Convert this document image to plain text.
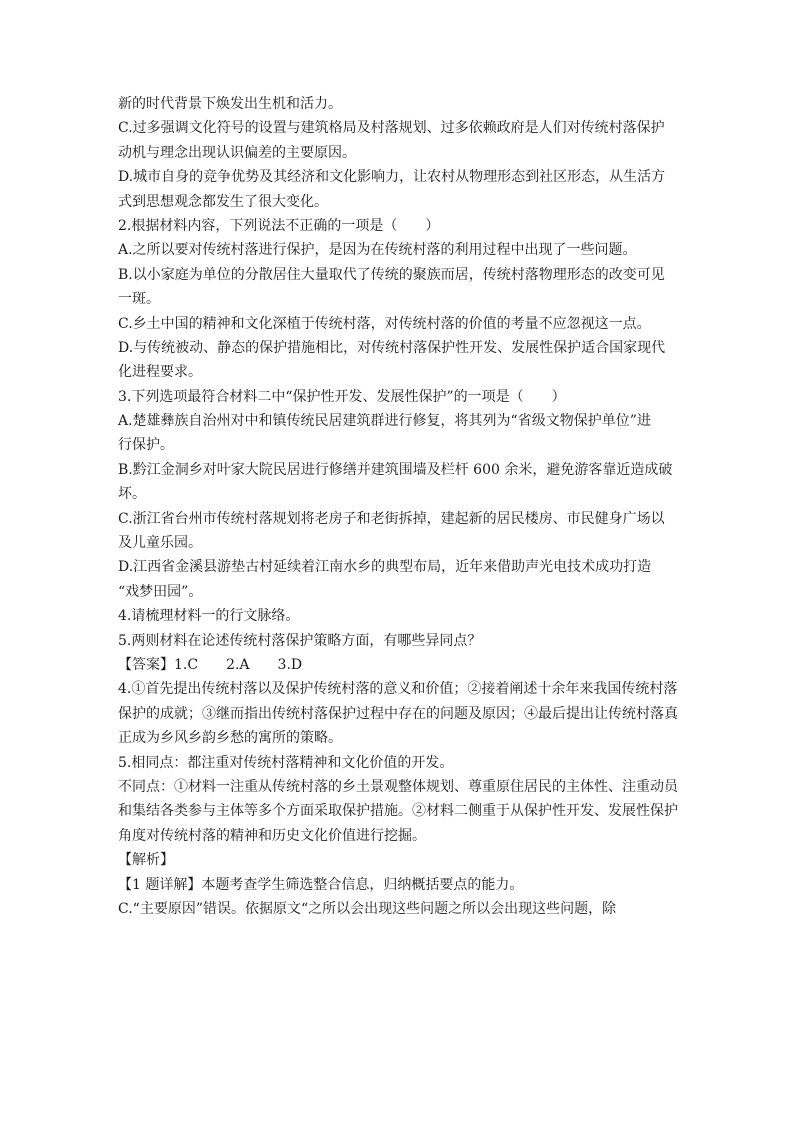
新的时代背景下焕发出生机和活力。
C.过多强调文化符号的设置与建筑格局及村落规划、过多依赖政府是人们对传统村落保护
动机与理念出现认识偏差的主要原因。
D.城市自身的竞争优势及其经济和文化影响力，让农村从物理形态到社区形态，从生活方
式到思想观念都发生了很大变化。
2.根据材料内容，下列说法不正确的一项是（　　）
A.之所以要对传统村落进行保护，是因为在传统村落的利用过程中出现了一些问题。
B.以小家庭为单位的分散居住大量取代了传统的聚族而居，传统村落物理形态的改变可见
一斑。
C.乡土中国的精神和文化深植于传统村落，对传统村落的价值的考量不应忽视这一点。
D.与传统被动、静态的保护措施相比，对传统村落保护性开发、发展性保护适合国家现代
化进程要求。
3.下列选项最符合材料二中“保护性开发、发展性保护”的一项是（　　）
A.楚雄彝族自治州对中和镇传统民居建筑群进行修复，将其列为“省级文物保护单位”进
行保护。
B.黔江金洞乡对叶家大院民居进行修缮并建筑围墙及栏杆 600 余米，避免游客靠近造成破
坏。
C.浙江省台州市传统村落规划将老房子和老街拆掉，建起新的居民楼房、市民健身广场以
及儿童乐园。
D.江西省金溪县游垫古村延续着江南水乡的典型布局，近年来借助声光电技术成功打造
“戏梦田园”。
4.请梳理材料一的行文脉络。
5.两则材料在论述传统村落保护策略方面，有哪些异同点？
【答案】1.C　　2.A　　3.D
4.①首先提出传统村落以及保护传统村落的意义和价值；②接着阐述十余年来我国传统村落
保护的成就；③继而指出传统村落保护过程中存在的问题及原因；④最后提出让传统村落真
正成为乡风乡韵乡愁的寓所的策略。
5.相同点：都注重对传统村落精神和文化价值的开发。
不同点：①材料一注重从传统村落的乡土景观整体规划、尊重原住居民的主体性、注重动员
和集结各类参与主体等多个方面采取保护措施。②材料二侧重于从保护性开发、发展性保护
角度对传统村落的精神和历史文化价值进行挖掘。
【解析】
【1 题详解】本题考查学生筛选整合信息，归纳概括要点的能力。
C.“主要原因”错误。依据原文“之所以会出现这些问题之所以会出现这些问题，除
